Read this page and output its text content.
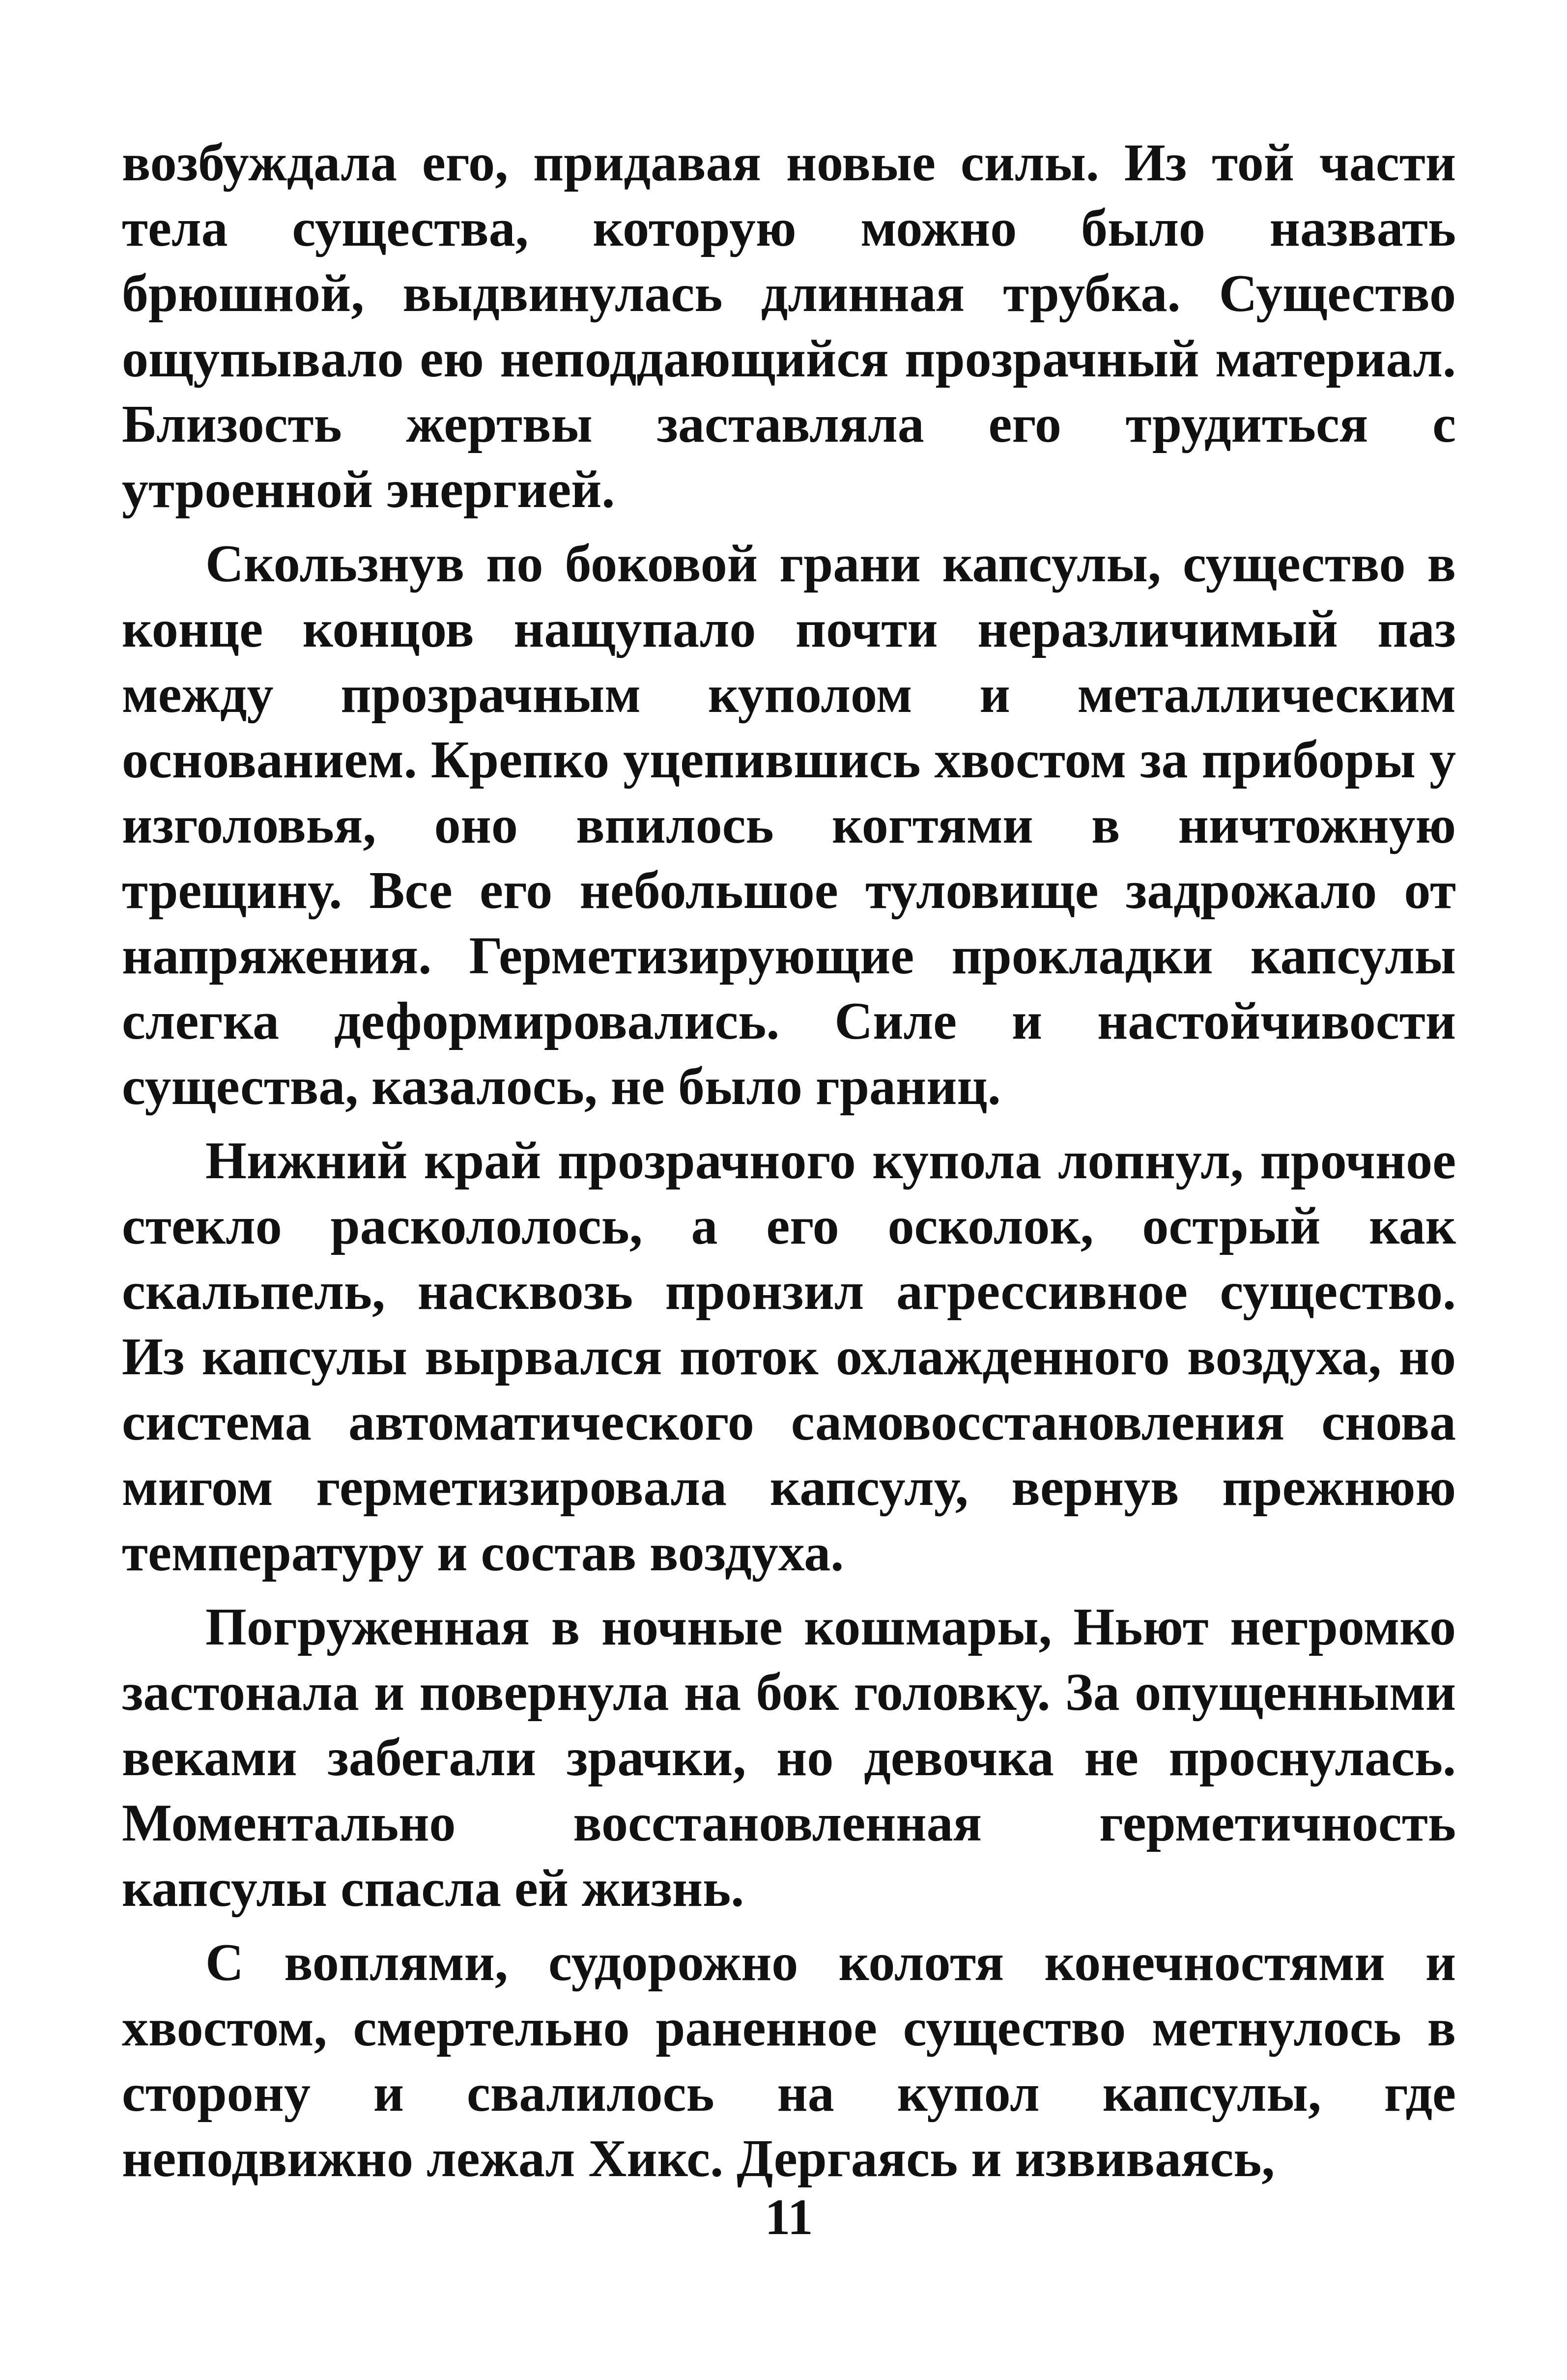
возбуждала его, придавая новые силы. Из той части тела существа, которую можно было назвать брюшной, выдвинулась длинная трубка. Существо ощупывало ею неподдающийся прозрачный материал. Близость жертвы заставляла его трудиться с утроенной энергией.

Скользнув по боковой грани капсулы, существо в конце концов нащупало почти неразличимый паз между прозрачным куполом и металлическим основанием. Крепко уцепившись хвостом за приборы у изголовья, оно впилось когтями в ничтожную трещину. Все его небольшое туловище задрожало от напряжения. Герметизирующие прокладки капсулы слегка деформировались. Силе и настойчивости существа, казалось, не было границ.

Нижний край прозрачного купола лопнул, прочное стекло раскололось, а его осколок, острый как скальпель, насквозь пронзил агрессивное существо. Из капсулы вырвался поток охлажденного воздуха, но система автоматического самовосстановления снова мигом герметизировала капсулу, вернув прежнюю температуру и состав воздуха.

Погруженная в ночные кошмары, Ньют негромко застонала и повернула на бок головку. За опущенными веками забегали зрачки, но девочка не проснулась. Моментально восстановленная герметичность капсулы спасла ей жизнь.

С воплями, судорожно колотя конечностями и хвостом, смертельно раненное существо метнулось в сторону и свалилось на купол капсулы, где неподвижно лежал Хикс. Дергаясь и извиваясь,

11
